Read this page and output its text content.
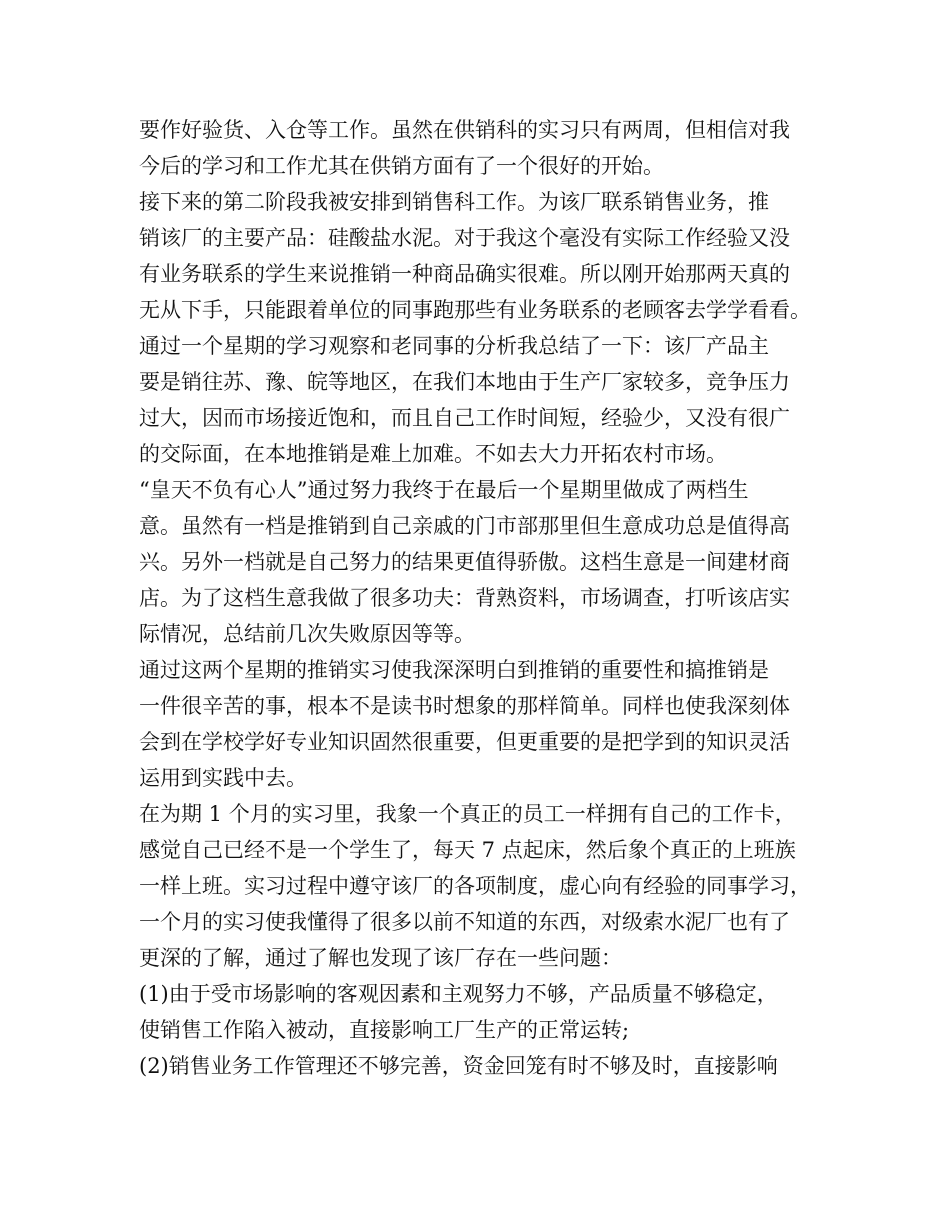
要作好验货、入仓等工作。虽然在供销科的实习只有两周，但相信对我
今后的学习和工作尤其在供销方面有了一个很好的开始。
接下来的第二阶段我被安排到销售科工作。为该厂联系销售业务，推
销该厂的主要产品：硅酸盐水泥。对于我这个毫没有实际工作经验又没
有业务联系的学生来说推销一种商品确实很难。所以刚开始那两天真的
无从下手，只能跟着单位的同事跑那些有业务联系的老顾客去学学看看。
通过一个星期的学习观察和老同事的分析我总结了一下：该厂产品主
要是销往苏、豫、皖等地区，在我们本地由于生产厂家较多，竞争压力
过大，因而市场接近饱和，而且自己工作时间短，经验少，又没有很广
的交际面，在本地推销是难上加难。不如去大力开拓农村市场。
“皇天不负有心人”通过努力我终于在最后一个星期里做成了两档生
意。虽然有一档是推销到自己亲戚的门市部那里但生意成功总是值得高
兴。另外一档就是自己努力的结果更值得骄傲。这档生意是一间建材商
店。为了这档生意我做了很多功夫：背熟资料，市场调查，打听该店实
际情况，总结前几次失败原因等等。
通过这两个星期的推销实习使我深深明白到推销的重要性和搞推销是
一件很辛苦的事，根本不是读书时想象的那样简单。同样也使我深刻体
会到在学校学好专业知识固然很重要，但更重要的是把学到的知识灵活
运用到实践中去。
在为期 1 个月的实习里，我象一个真正的员工一样拥有自己的工作卡，
感觉自己已经不是一个学生了，每天 7 点起床，然后象个真正的上班族
一样上班。实习过程中遵守该厂的各项制度，虚心向有经验的同事学习，
一个月的实习使我懂得了很多以前不知道的东西，对级索水泥厂也有了
更深的了解，通过了解也发现了该厂存在一些问题：
(1)由于受市场影响的客观因素和主观努力不够，产品质量不够稳定，
使销售工作陷入被动，直接影响工厂生产的正常运转;
(2)销售业务工作管理还不够完善，资金回笼有时不够及时，直接影响
